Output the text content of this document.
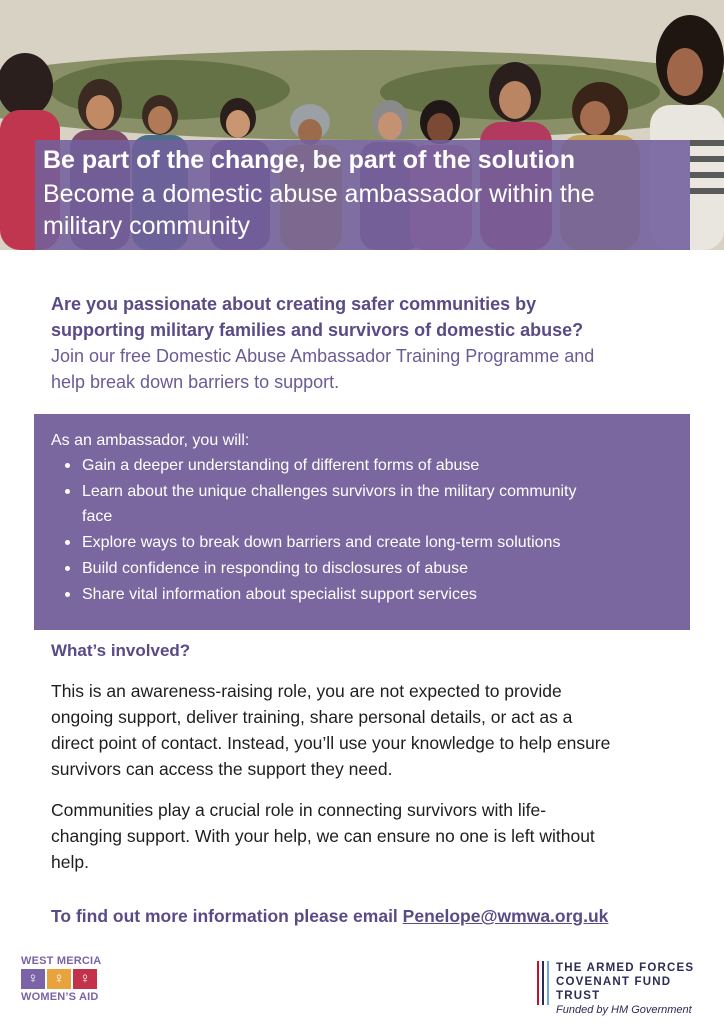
Be part of the change, be part of the solution
Become a domestic abuse ambassador within the
military community
Are you passionate about creating safer communities by
supporting military families and survivors of domestic abuse?
Join our free Domestic Abuse Ambassador Training Programme and
help break down barriers to support.
As an ambassador, you will:
Gain a deeper understanding of different forms of abuse
Learn about the unique challenges survivors in the military community
face
Explore ways to break down barriers and create long-term solutions
Build confidence in responding to disclosures of abuse
Share vital information about specialist support services
What’s involved?
This is an awareness-raising role, you are not expected to provide
ongoing support, deliver training, share personal details, or act as a
direct point of contact. Instead, you’ll use your knowledge to help ensure
survivors can access the support they need.
Communities play a crucial role in connecting survivors with life-
changing support. With your help, we can ensure no one is left without
help.
To find out more information please email Penelope@wmwa.org.uk
WEST MERCIA
♀ ♀ ♀
WOMEN’S AID
THE ARMED FORCES
COVENANT FUND TRUST
Funded by HM Government
